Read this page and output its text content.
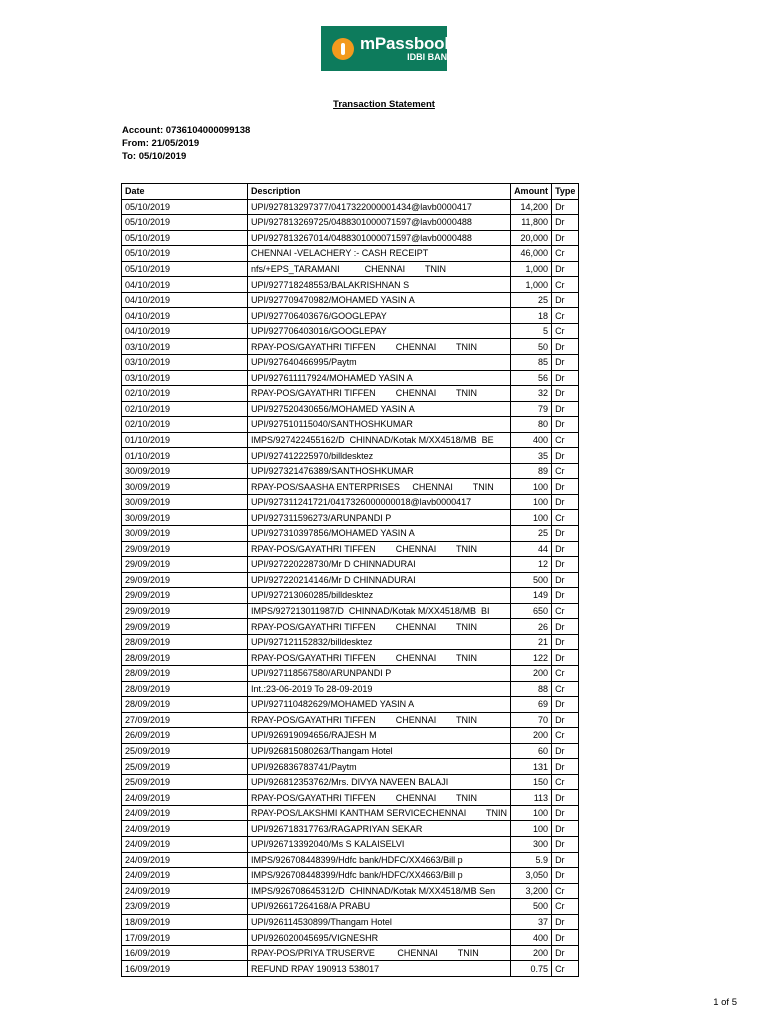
mPassbook
IDBI BANK
Transaction Statement
Account: 0736104000099138
From: 21/05/2019
To: 05/10/2019
Date	Description	Amount	Type
05/10/2019	UPI/927813297377/0417322000001434@lavb0000417	14,200	Dr
05/10/2019	UPI/927813269725/0488301000071597@lavb0000488	11,800	Dr
05/10/2019	UPI/927813267014/0488301000071597@lavb0000488	20,000	Dr
05/10/2019	CHENNAI -VELACHERY :- CASH RECEIPT	46,000	Cr
05/10/2019	nfs/+EPS_TARAMANI          CHENNAI        TNIN	1,000	Dr
04/10/2019	UPI/927718248553/BALAKRISHNAN S	1,000	Cr
04/10/2019	UPI/927709470982/MOHAMED YASIN A	25	Dr
04/10/2019	UPI/927706403676/GOOGLEPAY	18	Cr
04/10/2019	UPI/927706403016/GOOGLEPAY	5	Cr
03/10/2019	RPAY-POS/GAYATHRI TIFFEN        CHENNAI        TNIN	50	Dr
03/10/2019	UPI/927640466995/Paytm	85	Dr
03/10/2019	UPI/927611117924/MOHAMED YASIN A	56	Dr
02/10/2019	RPAY-POS/GAYATHRI TIFFEN        CHENNAI        TNIN	32	Dr
02/10/2019	UPI/927520430656/MOHAMED YASIN A	79	Dr
02/10/2019	UPI/927510115040/SANTHOSHKUMAR	80	Dr
01/10/2019	IMPS/927422455162/D  CHINNAD/Kotak M/XX4518/MB  BE	400	Cr
01/10/2019	UPI/927412225970/billdesktez	35	Dr
30/09/2019	UPI/927321476389/SANTHOSHKUMAR	89	Cr
30/09/2019	RPAY-POS/SAASHA ENTERPRISES     CHENNAI        TNIN	100	Dr
30/09/2019	UPI/927311241721/0417326000000018@lavb0000417	100	Dr
30/09/2019	UPI/927311596273/ARUNPANDI P	100	Cr
30/09/2019	UPI/927310397856/MOHAMED YASIN A	25	Dr
29/09/2019	RPAY-POS/GAYATHRI TIFFEN        CHENNAI        TNIN	44	Dr
29/09/2019	UPI/927220228730/Mr D CHINNADURAI	12	Dr
29/09/2019	UPI/927220214146/Mr D CHINNADURAI	500	Dr
29/09/2019	UPI/927213060285/billdesktez	149	Dr
29/09/2019	IMPS/927213011987/D  CHINNAD/Kotak M/XX4518/MB  BI	650	Cr
29/09/2019	RPAY-POS/GAYATHRI TIFFEN        CHENNAI        TNIN	26	Dr
28/09/2019	UPI/927121152832/billdesktez	21	Dr
28/09/2019	RPAY-POS/GAYATHRI TIFFEN        CHENNAI        TNIN	122	Dr
28/09/2019	UPI/927118567580/ARUNPANDI P	200	Cr
28/09/2019	Int.:23-06-2019 To 28-09-2019	88	Cr
28/09/2019	UPI/927110482629/MOHAMED YASIN A	69	Dr
27/09/2019	RPAY-POS/GAYATHRI TIFFEN        CHENNAI        TNIN	70	Dr
26/09/2019	UPI/926919094656/RAJESH M	200	Cr
25/09/2019	UPI/926815080263/Thangam Hotel	60	Dr
25/09/2019	UPI/926836783741/Paytm	131	Dr
25/09/2019	UPI/926812353762/Mrs. DIVYA NAVEEN BALAJI	150	Cr
24/09/2019	RPAY-POS/GAYATHRI TIFFEN        CHENNAI        TNIN	113	Dr
24/09/2019	RPAY-POS/LAKSHMI KANTHAM SERVICECHENNAI        TNIN	100	Dr
24/09/2019	UPI/926718317763/RAGAPRIYAN SEKAR	100	Dr
24/09/2019	UPI/926713392040/Ms S KALAISELVI	300	Dr
24/09/2019	IMPS/926708448399/Hdfc bank/HDFC/XX4663/Bill p	5.9	Dr
24/09/2019	IMPS/926708448399/Hdfc bank/HDFC/XX4663/Bill p	3,050	Dr
24/09/2019	IMPS/926708645312/D  CHINNAD/Kotak M/XX4518/MB Sen	3,200	Cr
23/09/2019	UPI/926617264168/A PRABU	500	Cr
18/09/2019	UPI/926114530899/Thangam Hotel	37	Dr
17/09/2019	UPI/926020045695/VIGNESHR	400	Dr
16/09/2019	RPAY-POS/PRIYA TRUSERVE         CHENNAI        TNIN	200	Dr
16/09/2019	REFUND RPAY 190913 538017	0.75	Cr
1 of 5
